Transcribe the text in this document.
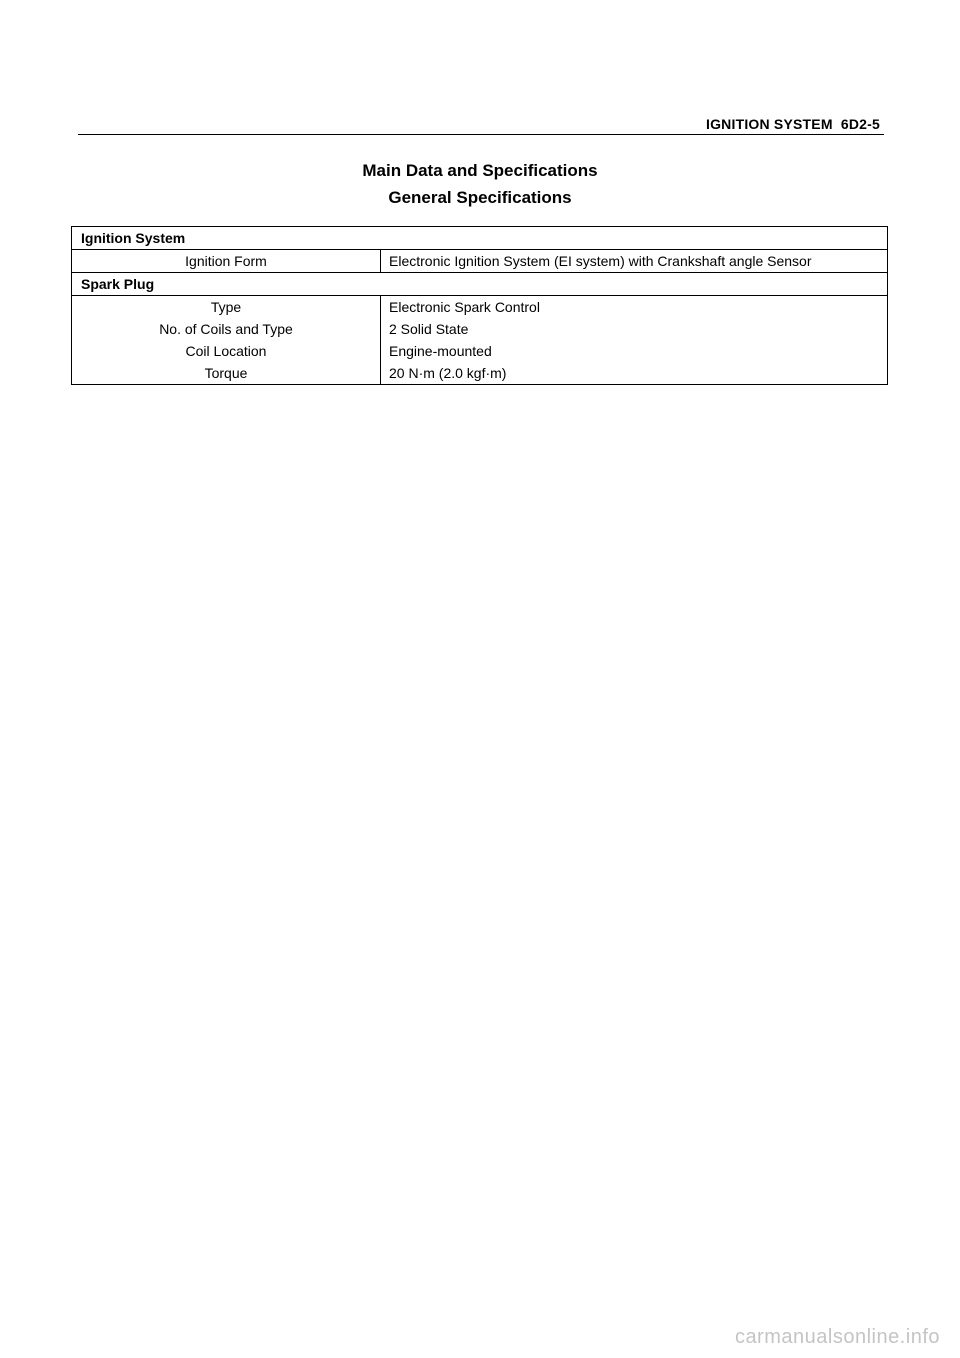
IGNITION SYSTEM  6D2-5
Main Data and Specifications
General Specifications
Ignition System
Ignition Form	Electronic Ignition System (EI system) with Crankshaft angle Sensor
Spark Plug
Type	Electronic Spark Control
No. of Coils and Type	2 Solid State
Coil Location	Engine-mounted
Torque	20 N·m (2.0 kgf·m)
carmanualsonline.info
